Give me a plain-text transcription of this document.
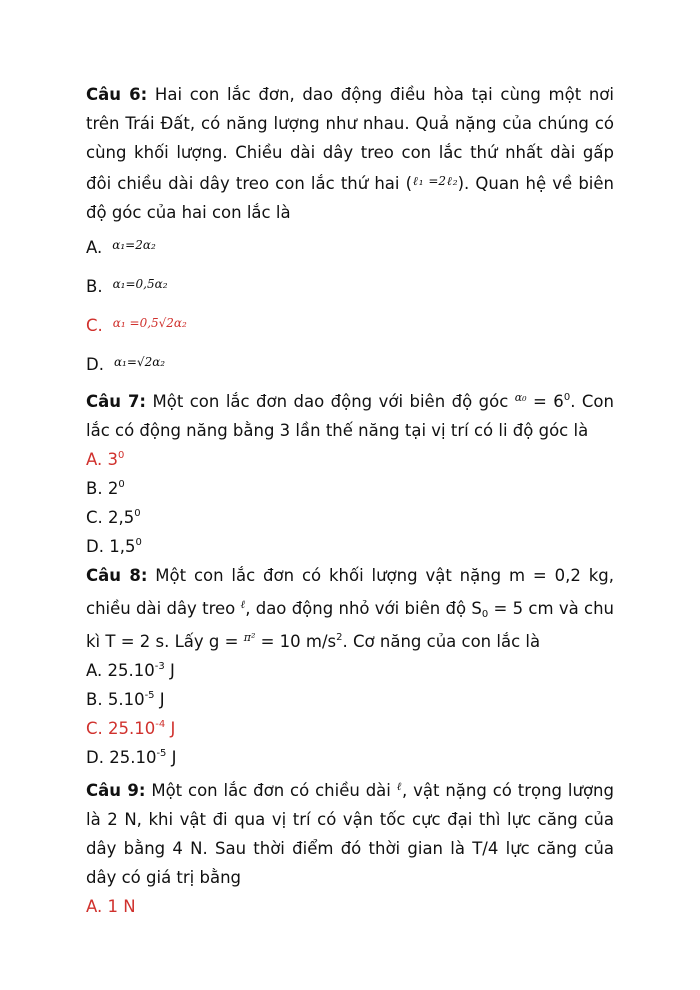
Câu 6: Hai con lắc đơn, dao động điều hòa tại cùng một nơi trên Trái Đất, có năng lượng như nhau. Quả nặng của chúng có cùng khối lượng. Chiều dài dây treo con lắc thứ nhất dài gấp đôi chiều dài dây treo con lắc thứ hai ($^{\ell_1 =2\ell_2}$). Quan hệ về biên độ góc của hai con lắc là

A. $^{\alpha_1=2\alpha_2}$

B. $^{\alpha_1=0,5\alpha_2}$

C. $^{\alpha_1 =0,5√2\alpha_2}$

D. $^{\alpha_1=√2\alpha_2}$

Câu 7: Một con lắc đơn dao động với biên độ góc $^{\alpha_0} = 6^0$. Con lắc có động năng bằng 3 lần thế năng tại vị trí có li độ góc là

A. $3^0$

B. $2^0$

C. $2,5^0$

D. $1,5^0$

Câu 8: Một con lắc đơn có khối lượng vật nặng m = 0,2 kg, chiều dài dây treo $^\ell$, dao động nhỏ với biên độ $S_0 = 5$ cm và chu kì T = 2 s. Lấy g = $^{\pi^2}$ = 10 $m/s^2$. Cơ năng của con lắc là

A. $25.10^{-3}$ J

B. $5.10^{-5}$ J

C. $25.10^{-4}$ J

D. $25.10^{-5}$ J

Câu 9: Một con lắc đơn có chiều dài $^\ell$, vật nặng có trọng lượng là 2 N, khi vật đi qua vị trí có vận tốc cực đại thì lực căng của dây bằng 4 N. Sau thời điểm đó thời gian là T/4 lực căng của dây có giá trị bằng

A. 1 N
